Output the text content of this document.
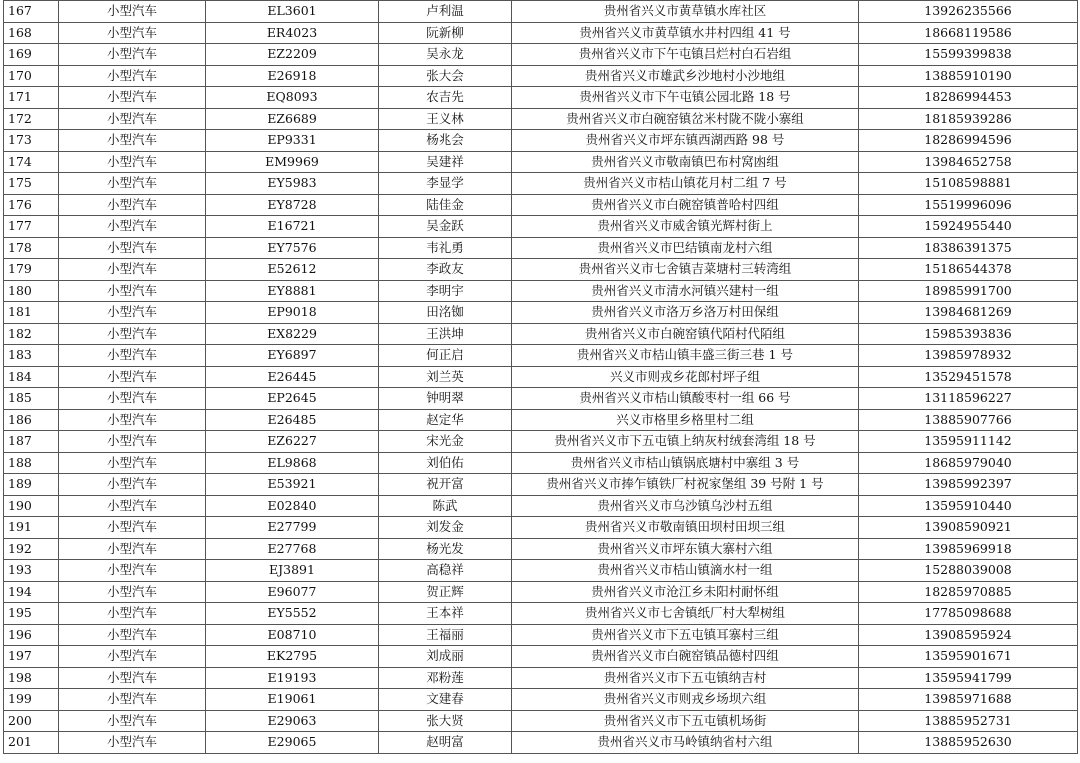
167	小型汽车	EL3601	卢利温	贵州省兴义市黄草镇水库社区	13926235566
168	小型汽车	ER4023	阮新柳	贵州省兴义市黄草镇水井村四组 41 号	18668119586
169	小型汽车	EZ2209	吴永龙	贵州省兴义市下午屯镇吕烂村白石岩组	15599399838
170	小型汽车	E26918	张大会	贵州省兴义市雄武乡沙地村小沙地组	13885910190
171	小型汽车	EQ8093	农吉先	贵州省兴义市下午屯镇公园北路 18 号	18286994453
172	小型汽车	EZ6689	王义林	贵州省兴义市白碗窑镇岔米村陇不陇小寨组	18185939286
173	小型汽车	EP9331	杨兆会	贵州省兴义市坪东镇西湖西路 98 号	18286994596
174	小型汽车	EM9969	吴建祥	贵州省兴义市敬南镇巴布村窝凼组	13984652758
175	小型汽车	EY5983	李显学	贵州省兴义市桔山镇花月村二组 7 号	15108598881
176	小型汽车	EY8728	陆佳金	贵州省兴义市白碗窑镇普哈村四组	15519996096
177	小型汽车	E16721	吴金跃	贵州省兴义市威舍镇光辉村街上	15924955440
178	小型汽车	EY7576	韦礼勇	贵州省兴义市巴结镇南龙村六组	18386391375
179	小型汽车	E52612	李政友	贵州省兴义市七舍镇吉菜塘村三转湾组	15186544378
180	小型汽车	EY8881	李明宇	贵州省兴义市清水河镇兴建村一组	18985991700
181	小型汽车	EP9018	田洺铷	贵州省兴义市洛万乡洛万村田保组	13984681269
182	小型汽车	EX8229	王洪坤	贵州省兴义市白碗窑镇代陌村代陌组	15985393836
183	小型汽车	EY6897	何正启	贵州省兴义市桔山镇丰盛三街三巷 1 号	13985978932
184	小型汽车	E26445	刘兰英	兴义市则戎乡花郎村坪子组	13529451578
185	小型汽车	EP2645	钟明翠	贵州省兴义市桔山镇酸枣村一组 66 号	13118596227
186	小型汽车	E26485	赵定华	兴义市格里乡格里村二组	13885907766
187	小型汽车	EZ6227	宋光金	贵州省兴义市下五屯镇上纳灰村绒套湾组 18 号	13595911142
188	小型汽车	EL9868	刘伯佑	贵州省兴义市桔山镇锅底塘村中寨组 3 号	18685979040
189	小型汽车	E53921	祝开富	贵州省兴义市捧乍镇铁厂村祝家堡组 39 号附 1 号	13985992397
190	小型汽车	E02840	陈武	贵州省兴义市乌沙镇乌沙村五组	13595910440
191	小型汽车	E27799	刘发金	贵州省兴义市敬南镇田坝村田坝三组	13908590921
192	小型汽车	E27768	杨光发	贵州省兴义市坪东镇大寨村六组	13985969918
193	小型汽车	EJ3891	高稳祥	贵州省兴义市桔山镇滴水村一组	15288039008
194	小型汽车	E96077	贺正辉	贵州省兴义市沧江乡未阳村耐怀组	18285970885
195	小型汽车	EY5552	王本祥	贵州省兴义市七舍镇纸厂村大犁树组	17785098688
196	小型汽车	E08710	王福丽	贵州省兴义市下五屯镇耳寨村三组	13908595924
197	小型汽车	EK2795	刘成丽	贵州省兴义市白碗窑镇品德村四组	13595901671
198	小型汽车	E19193	邓粉莲	贵州省兴义市下五屯镇纳吉村	13595941799
199	小型汽车	E19061	文建春	贵州省兴义市则戎乡场坝六组	13985971688
200	小型汽车	E29063	张大贤	贵州省兴义市下五屯镇机场街	13885952731
201	小型汽车	E29065	赵明富	贵州省兴义市马岭镇纳省村六组	13885952630
